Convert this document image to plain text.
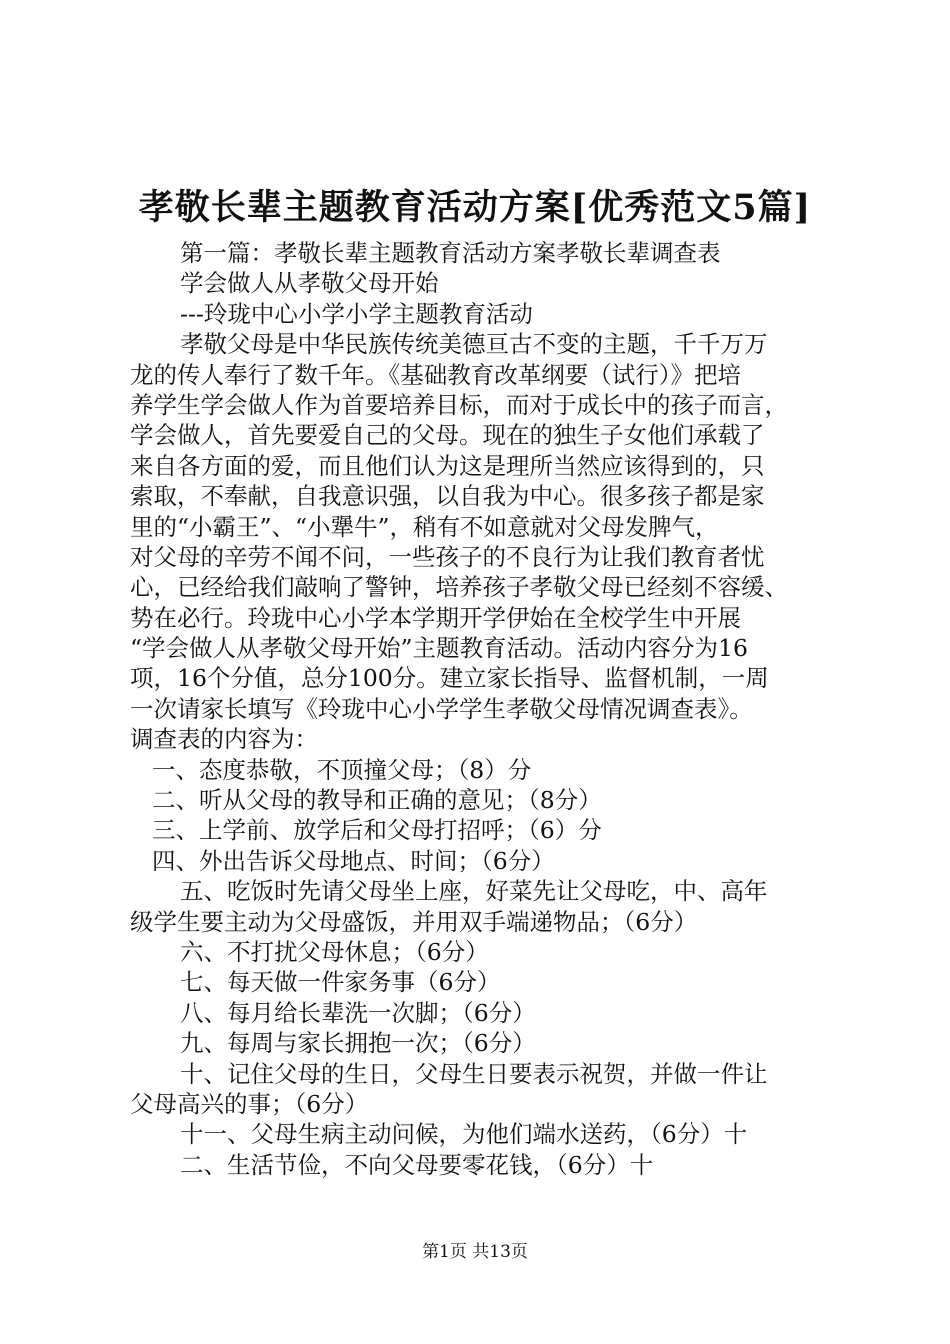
孝敬长辈主题教育活动方案[优秀范文5篇]
第一篇：孝敬长辈主题教育活动方案孝敬长辈调查表
学会做人从孝敬父母开始
---玲珑中心小学小学主题教育活动
孝敬父母是中华民族传统美德亘古不变的主题，千千万万
龙的传人奉行了数千年。《基础教育改革纲要（试行）》把培
养学生学会做人作为首要培养目标，而对于成长中的孩子而言，
学会做人，首先要爱自己的父母。现在的独生子女他们承载了
来自各方面的爱，而且他们认为这是理所当然应该得到的，只
索取，不奉献，自我意识强，以自我为中心。很多孩子都是家
里的“小霸王”、“小犟牛”，稍有不如意就对父母发脾气，
对父母的辛劳不闻不问，一些孩子的不良行为让我们教育者忧
心，已经给我们敲响了警钟，培养孩子孝敬父母已经刻不容缓、
势在必行。玲珑中心小学本学期开学伊始在全校学生中开展
“学会做人从孝敬父母开始”主题教育活动。活动内容分为16
项，16个分值，总分100分。建立家长指导、监督机制，一周
一次请家长填写《玲珑中心小学学生孝敬父母情况调查表》。
调查表的内容为：
一、态度恭敬，不顶撞父母；（8）分
二、听从父母的教导和正确的意见；（8分）
三、上学前、放学后和父母打招呼；（6）分
四、外出告诉父母地点、时间；（6分）
五、吃饭时先请父母坐上座，好菜先让父母吃，中、高年
级学生要主动为父母盛饭，并用双手端递物品；（6分）
六、不打扰父母休息；（6分）
七、每天做一件家务事（6分）
八、每月给长辈洗一次脚；（6分）
九、每周与家长拥抱一次；（6分）
十、记住父母的生日，父母生日要表示祝贺，并做一件让
父母高兴的事；（6分）
十一、父母生病主动问候，为他们端水送药，（6分）十
二、生活节俭，不向父母要零花钱，（6分）十
第1页 共13页
